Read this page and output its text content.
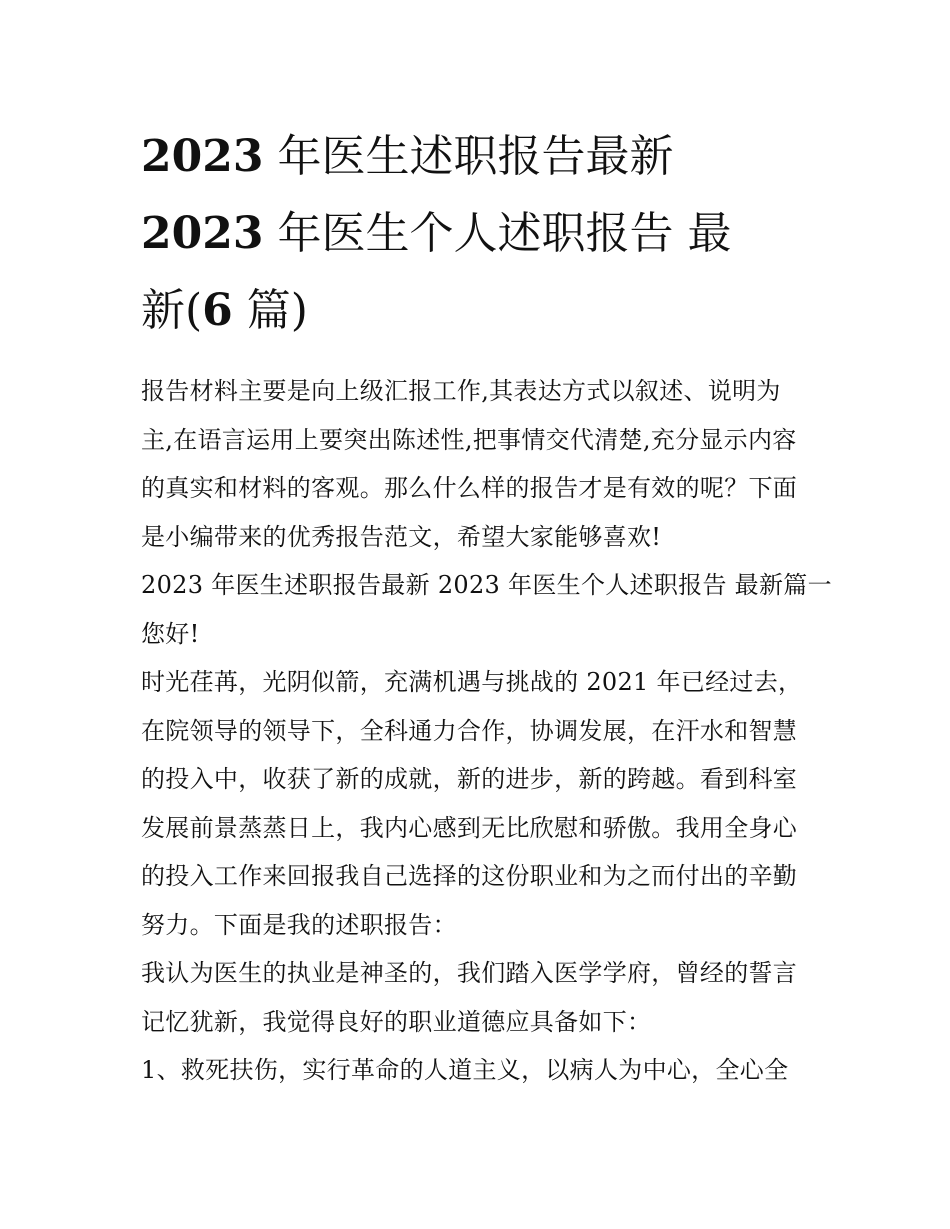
2023 年医生述职报告最新
2023 年医生个人述职报告 最
新(6 篇)
报告材料主要是向上级汇报工作,其表达方式以叙述、说明为
主,在语言运用上要突出陈述性,把事情交代清楚,充分显示内容
的真实和材料的客观。那么什么样的报告才是有效的呢？下面
是小编带来的优秀报告范文，希望大家能够喜欢!
2023 年医生述职报告最新 2023 年医生个人述职报告 最新篇一
您好!
时光荏苒，光阴似箭，充满机遇与挑战的 2021 年已经过去，
在院领导的领导下，全科通力合作，协调发展，在汗水和智慧
的投入中，收获了新的成就，新的进步，新的跨越。看到科室
发展前景蒸蒸日上，我内心感到无比欣慰和骄傲。我用全身心
的投入工作来回报我自己选择的这份职业和为之而付出的辛勤
努力。下面是我的述职报告：
我认为医生的执业是神圣的，我们踏入医学学府，曾经的誓言
记忆犹新，我觉得良好的职业道德应具备如下：
1、救死扶伤，实行革命的人道主义，以病人为中心，全心全
